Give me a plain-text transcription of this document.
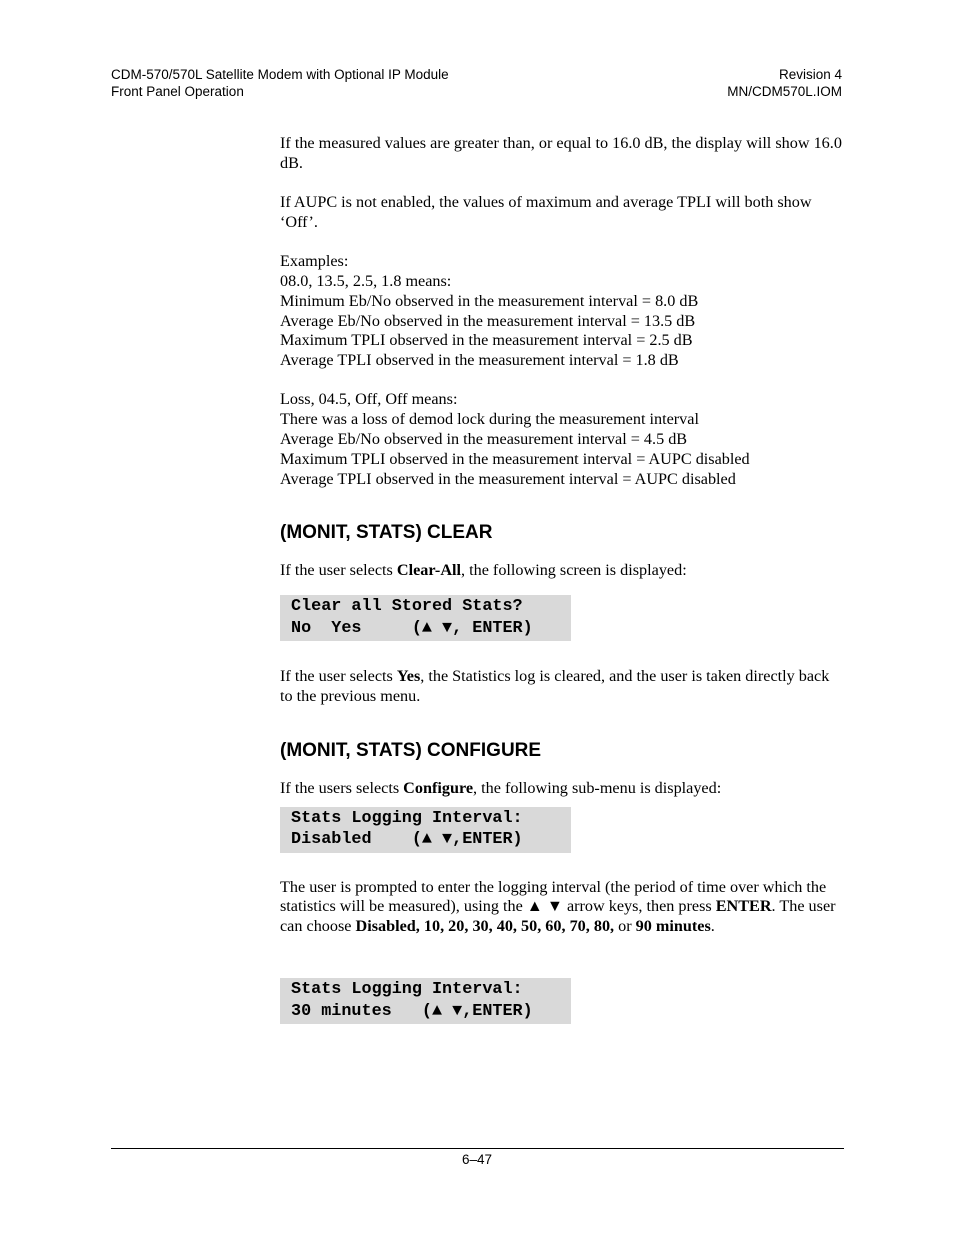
CDM-570/570L Satellite Modem with Optional IP Module
Front Panel Operation
Revision 4
MN/CDM570L.IOM

If the measured values are greater than, or equal to 16.0 dB, the display will show 16.0 dB.

If AUPC is not enabled, the values of maximum and average TPLI will both show ‘Off’.

Examples:

08.0, 13.5, 2.5, 1.8 means:

Minimum Eb/No observed in the measurement interval = 8.0 dB

Average Eb/No observed in the measurement interval = 13.5 dB

Maximum TPLI observed in the measurement interval = 2.5 dB

Average TPLI observed in the measurement interval = 1.8 dB

Loss, 04.5, Off, Off means:

There was a loss of demod lock during the measurement interval

Average Eb/No observed in the measurement interval = 4.5 dB

Maximum TPLI observed in the measurement interval = AUPC disabled

Average TPLI observed in the measurement interval = AUPC disabled

(MONIT, STATS) CLEAR

If the user selects Clear-All, the following screen is displayed:

Clear all Stored Stats?
No  Yes     (▲ ▼, ENTER)

If the user selects Yes, the Statistics log is cleared, and the user is taken directly back to the previous menu.

(MONIT, STATS) CONFIGURE

If the users selects Configure, the following sub-menu is displayed:

Stats Logging Interval:
Disabled    (▲ ▼,ENTER)

The user is prompted to enter the logging interval (the period of time over which the statistics will be measured), using the ▲ ▼ arrow keys, then press ENTER. The user can choose Disabled, 10, 20, 30, 40, 50, 60, 70, 80, or 90 minutes.

Stats Logging Interval:
30 minutes   (▲ ▼,ENTER)
6–47
